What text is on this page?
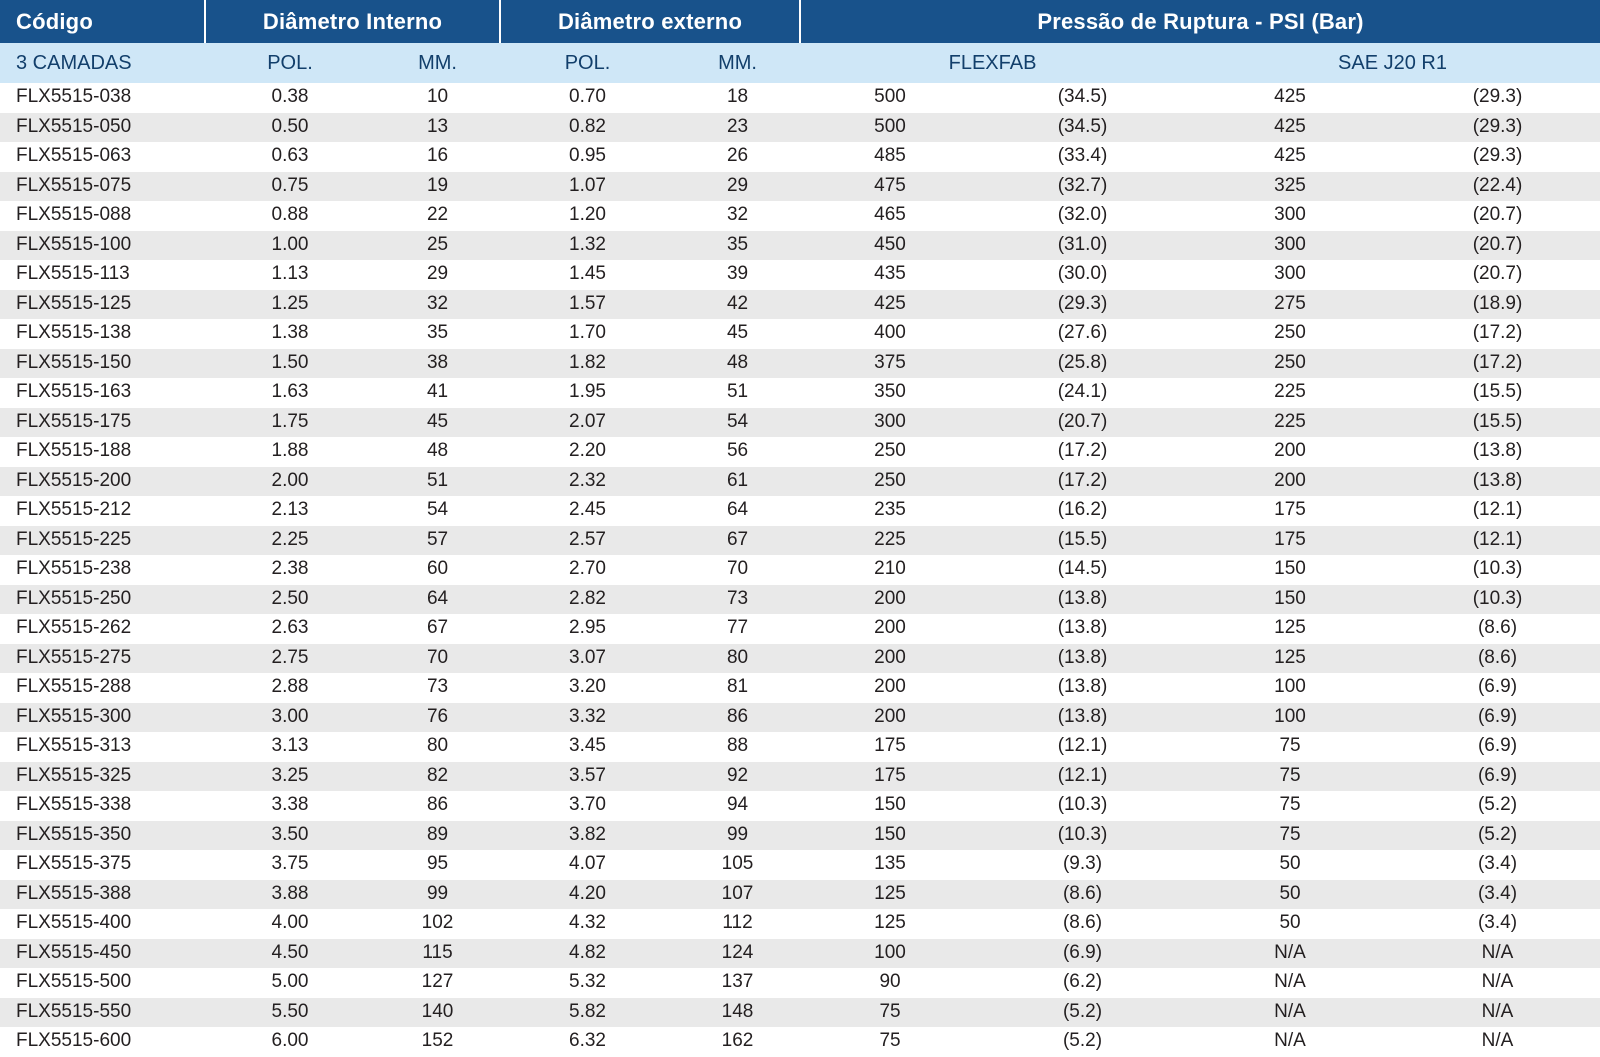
Código	Diâmetro Interno		Diâmetro externo		Pressão de Ruptura - PSI (Bar)			
3 CAMADAS	POL.	MM.	POL.	MM.	FLEXFAB		SAE J20 R1	
FLX5515-038	0.38	10	0.70	18	500	(34.5)	425	(29.3)
FLX5515-050	0.50	13	0.82	23	500	(34.5)	425	(29.3)
FLX5515-063	0.63	16	0.95	26	485	(33.4)	425	(29.3)
FLX5515-075	0.75	19	1.07	29	475	(32.7)	325	(22.4)
FLX5515-088	0.88	22	1.20	32	465	(32.0)	300	(20.7)
FLX5515-100	1.00	25	1.32	35	450	(31.0)	300	(20.7)
FLX5515-113	1.13	29	1.45	39	435	(30.0)	300	(20.7)
FLX5515-125	1.25	32	1.57	42	425	(29.3)	275	(18.9)
FLX5515-138	1.38	35	1.70	45	400	(27.6)	250	(17.2)
FLX5515-150	1.50	38	1.82	48	375	(25.8)	250	(17.2)
FLX5515-163	1.63	41	1.95	51	350	(24.1)	225	(15.5)
FLX5515-175	1.75	45	2.07	54	300	(20.7)	225	(15.5)
FLX5515-188	1.88	48	2.20	56	250	(17.2)	200	(13.8)
FLX5515-200	2.00	51	2.32	61	250	(17.2)	200	(13.8)
FLX5515-212	2.13	54	2.45	64	235	(16.2)	175	(12.1)
FLX5515-225	2.25	57	2.57	67	225	(15.5)	175	(12.1)
FLX5515-238	2.38	60	2.70	70	210	(14.5)	150	(10.3)
FLX5515-250	2.50	64	2.82	73	200	(13.8)	150	(10.3)
FLX5515-262	2.63	67	2.95	77	200	(13.8)	125	(8.6)
FLX5515-275	2.75	70	3.07	80	200	(13.8)	125	(8.6)
FLX5515-288	2.88	73	3.20	81	200	(13.8)	100	(6.9)
FLX5515-300	3.00	76	3.32	86	200	(13.8)	100	(6.9)
FLX5515-313	3.13	80	3.45	88	175	(12.1)	75	(6.9)
FLX5515-325	3.25	82	3.57	92	175	(12.1)	75	(6.9)
FLX5515-338	3.38	86	3.70	94	150	(10.3)	75	(5.2)
FLX5515-350	3.50	89	3.82	99	150	(10.3)	75	(5.2)
FLX5515-375	3.75	95	4.07	105	135	(9.3)	50	(3.4)
FLX5515-388	3.88	99	4.20	107	125	(8.6)	50	(3.4)
FLX5515-400	4.00	102	4.32	112	125	(8.6)	50	(3.4)
FLX5515-450	4.50	115	4.82	124	100	(6.9)	N/A	N/A
FLX5515-500	5.00	127	5.32	137	90	(6.2)	N/A	N/A
FLX5515-550	5.50	140	5.82	148	75	(5.2)	N/A	N/A
FLX5515-600	6.00	152	6.32	162	75	(5.2)	N/A	N/A
